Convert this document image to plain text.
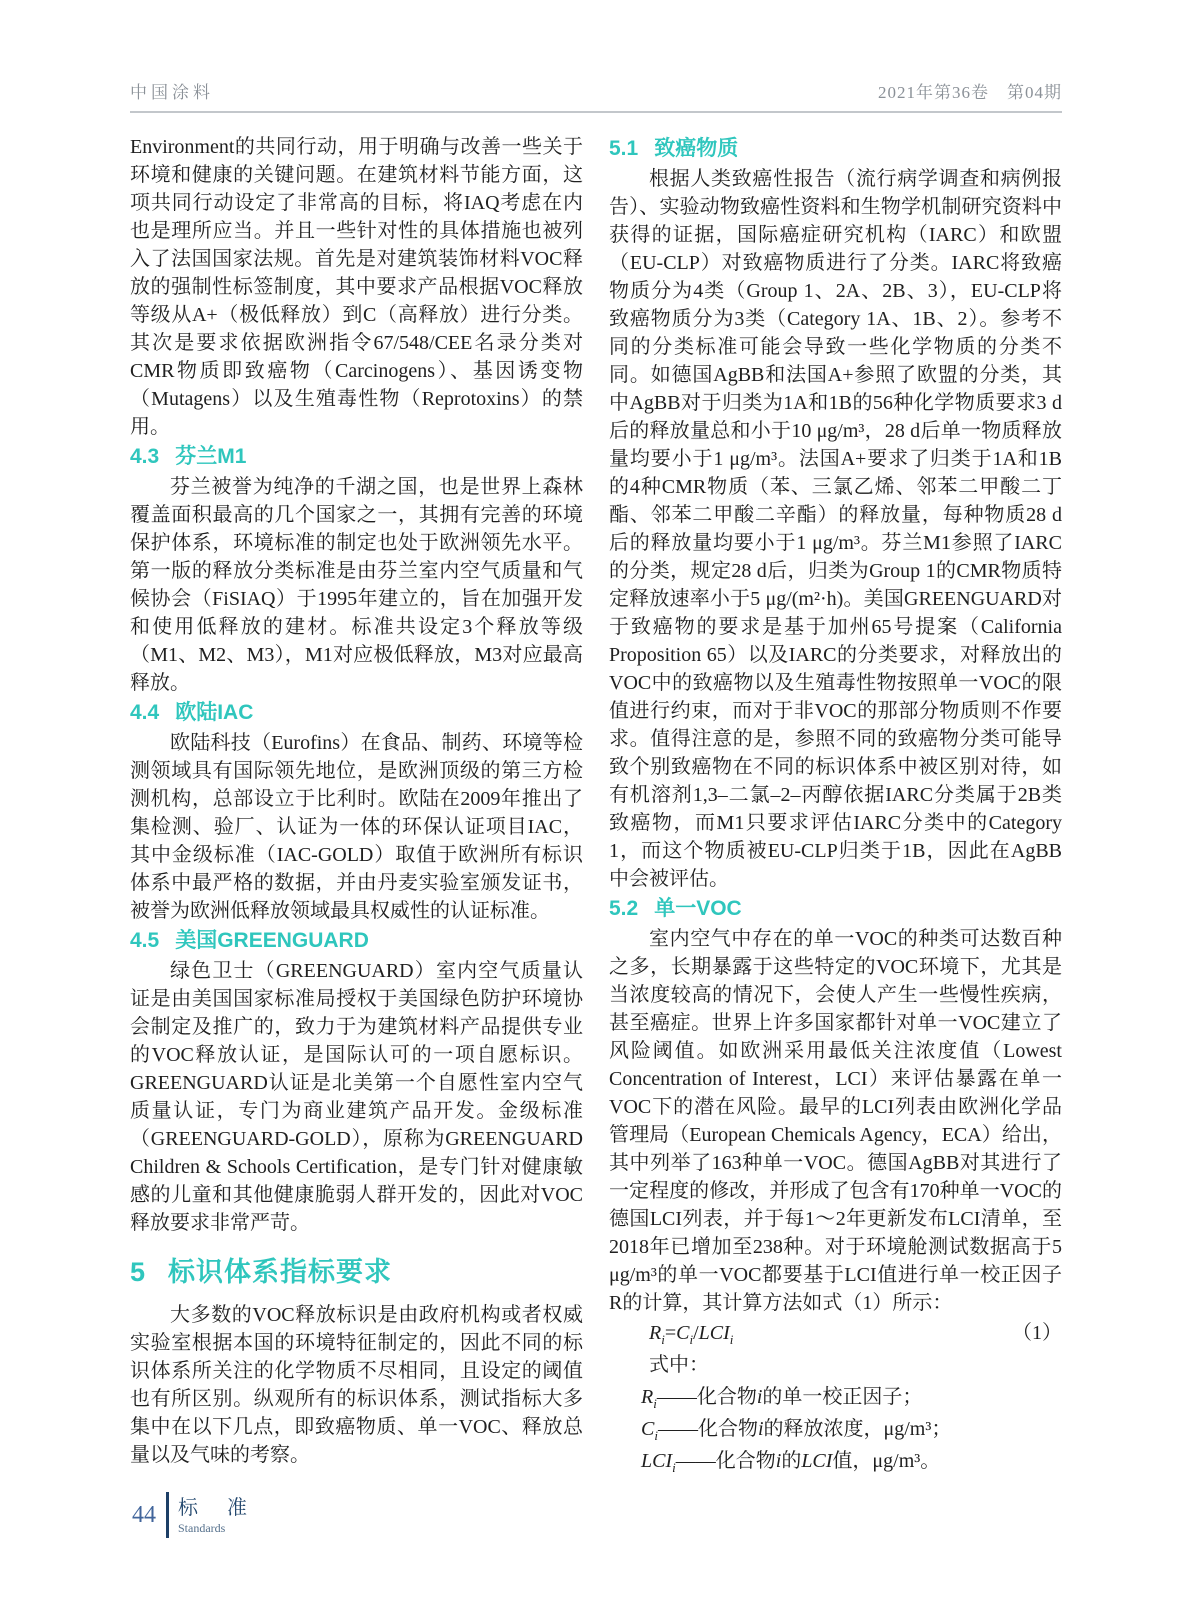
中国涂料	2021年第36卷　第04期

Environment的共同行动，用于明确与改善一些关于环境和健康的关键问题。在建筑材料节能方面，这项共同行动设定了非常高的目标，将IAQ考虑在内也是理所应当。并且一些针对性的具体措施也被列入了法国国家法规。首先是对建筑装饰材料VOC释放的强制性标签制度，其中要求产品根据VOC释放等级从A+（极低释放）到C（高释放）进行分类。其次是要求依据欧洲指令67/548/CEE名录分类对CMR物质即致癌物（Carcinogens）、基因诱变物（Mutagens）以及生殖毒性物（Reprotoxins）的禁用。

4.3 芬兰M1

芬兰被誉为纯净的千湖之国，也是世界上森林覆盖面积最高的几个国家之一，其拥有完善的环境保护体系，环境标准的制定也处于欧洲领先水平。第一版的释放分类标准是由芬兰室内空气质量和气候协会（FiSIAQ）于1995年建立的，旨在加强开发和使用低释放的建材。标准共设定3个释放等级（M1、M2、M3），M1对应极低释放，M3对应最高释放。

4.4 欧陆IAC

欧陆科技（Eurofins）在食品、制药、环境等检测领域具有国际领先地位，是欧洲顶级的第三方检测机构，总部设立于比利时。欧陆在2009年推出了集检测、验厂、认证为一体的环保认证项目IAC，其中金级标准（IAC-GOLD）取值于欧洲所有标识体系中最严格的数据，并由丹麦实验室颁发证书，被誉为欧洲低释放领域最具权威性的认证标准。

4.5 美国GREENGUARD

绿色卫士（GREENGUARD）室内空气质量认证是由美国国家标准局授权于美国绿色防护环境协会制定及推广的，致力于为建筑材料产品提供专业的VOC释放认证，是国际认可的一项自愿标识。GREENGUARD认证是北美第一个自愿性室内空气质量认证，专门为商业建筑产品开发。金级标准（GREENGUARD-GOLD），原称为GREENGUARD Children & Schools Certification，是专门针对健康敏感的儿童和其他健康脆弱人群开发的，因此对VOC释放要求非常严苛。

5 标识体系指标要求

大多数的VOC释放标识是由政府机构或者权威实验室根据本国的环境特征制定的，因此不同的标识体系所关注的化学物质不尽相同，且设定的阈值也有所区别。纵观所有的标识体系，测试指标大多集中在以下几点，即致癌物质、单一VOC、释放总量以及气味的考察。

5.1 致癌物质

根据人类致癌性报告（流行病学调查和病例报告）、实验动物致癌性资料和生物学机制研究资料中获得的证据，国际癌症研究机构（IARC）和欧盟（EU-CLP）对致癌物质进行了分类。IARC将致癌物质分为4类（Group 1、2A、2B、3），EU-CLP将致癌物质分为3类（Category 1A、1B、2）。参考不同的分类标准可能会导致一些化学物质的分类不同。如德国AgBB和法国A+参照了欧盟的分类，其中AgBB对于归类为1A和1B的56种化学物质要求3 d后的释放量总和小于10 μg/m³，28 d后单一物质释放量均要小于1 μg/m³。法国A+要求了归类于1A和1B的4种CMR物质（苯、三氯乙烯、邻苯二甲酸二丁酯、邻苯二甲酸二辛酯）的释放量，每种物质28 d后的释放量均要小于1 μg/m³。芬兰M1参照了IARC的分类，规定28 d后，归类为Group 1的CMR物质特定释放速率小于5 μg/(m²·h)。美国GREENGUARD对于致癌物的要求是基于加州65号提案（California Proposition 65）以及IARC的分类要求，对释放出的VOC中的致癌物以及生殖毒性物按照单一VOC的限值进行约束，而对于非VOC的那部分物质则不作要求。值得注意的是，参照不同的致癌物分类可能导致个别致癌物在不同的标识体系中被区别对待，如有机溶剂1,3–二氯–2–丙醇依据IARC分类属于2B类致癌物，而M1只要求评估IARC分类中的Category 1，而这个物质被EU-CLP归类于1B，因此在AgBB中会被评估。

5.2 单一VOC

室内空气中存在的单一VOC的种类可达数百种之多，长期暴露于这些特定的VOC环境下，尤其是当浓度较高的情况下，会使人产生一些慢性疾病，甚至癌症。世界上许多国家都针对单一VOC建立了风险阈值。如欧洲采用最低关注浓度值（Lowest Concentration of Interest，LCI）来评估暴露在单一VOC下的潜在风险。最早的LCI列表由欧洲化学品管理局（European Chemicals Agency，ECA）给出，其中列举了163种单一VOC。德国AgBB对其进行了一定程度的修改，并形成了包含有170种单一VOC的德国LCI列表，并于每1～2年更新发布LCI清单，至2018年已增加至238种。对于环境舱测试数据高于5 μg/m³的单一VOC都要基于LCI值进行单一校正因子R的计算，其计算方法如式（1）所示：

$R_i=C_i/LCI_i$	（1）

式中：

$R_i——$化合物i的单一校正因子；

$C_i——$化合物i的释放浓度，μg/m³；

$LCI_i——$化合物i的LCI值，μg/m³。

44 标 准
Standards
